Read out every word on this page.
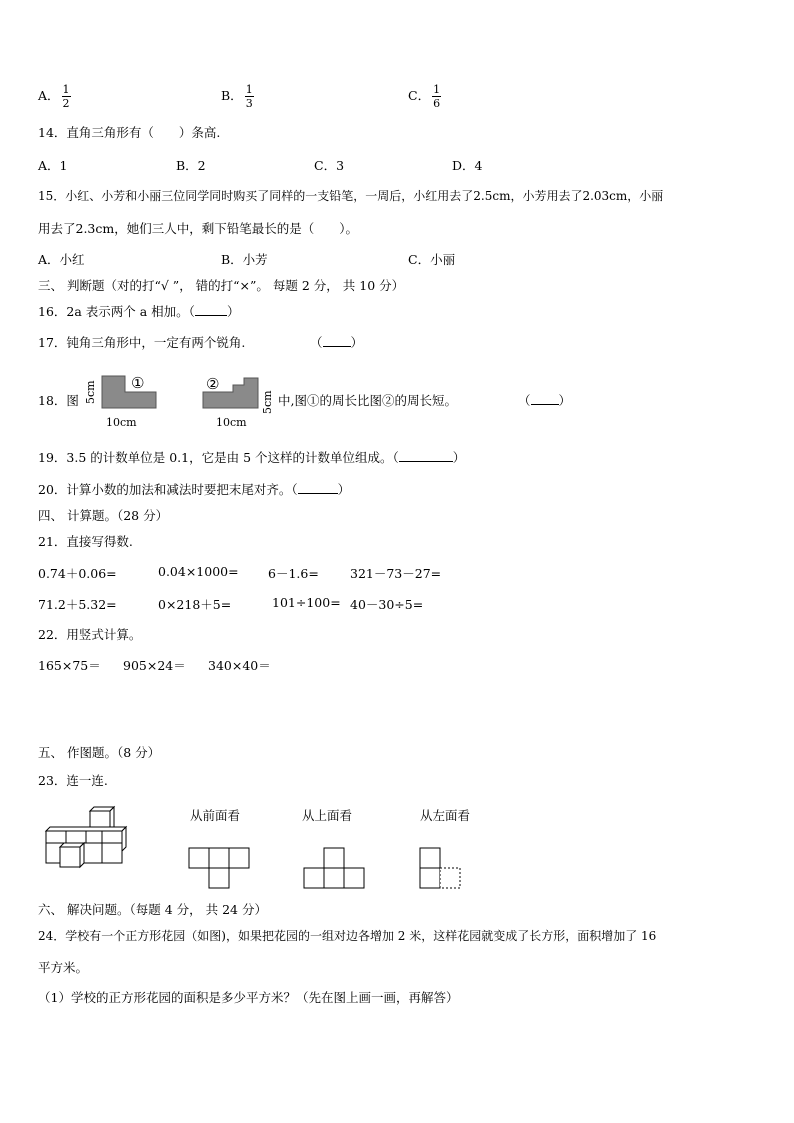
A． $\frac{1}{2}$	B． $\frac{1}{3}$	C． $\frac{1}{6}$
14．直角三角形有（　　）条高.
A．1	B．2	C．3	D．4
15．小红、小芳和小丽三位同学同时购买了同样的一支铅笔，一周后，小红用去了2.5cm，小芳用去了2.03cm，小丽
用去了2.3cm，她们三人中，剩下铅笔最长的是（　　）。
A．小红	B．小芳	C．小丽
三、 判断题（对的打“√ ”， 错的打“×”。 每题 2 分， 共 10 分）
16．2a 表示两个 a 相加。（	）
17．钝角三角形中，一定有两个锐角.	（ ）
18．图 5cm ①
10cm
②
5cm
10cm
中,图①的周长比图②的周长短。	（ ）
19．3.5 的计数单位是 0.1，它是由 5 个这样的计数单位组成。（	）
20．计算小数的加法和减法时要把末尾对齐。（	）
四、 计算题。（28 分）
21．直接写得数.
0.74＋0.06=	0.04×1000= 6－1.6= 321－73－27=
71.2＋5.32=	0×218＋5=	101÷100= 40－30÷5=
22．用竖式计算。
165×75＝ 905×24＝ 340×40＝
五、 作图题。（8 分）
23．连一连.
从前面看	从上面看	从左面看
六、 解决问题。（每题 4 分， 共 24 分）
24．学校有一个正方形花园（如图)，如果把花园的一组对边各增加 2 米，这样花园就变成了长方形，面积增加了 16
平方米。
（1）学校的正方形花园的面积是多少平方米？（先在图上画一画，再解答）
